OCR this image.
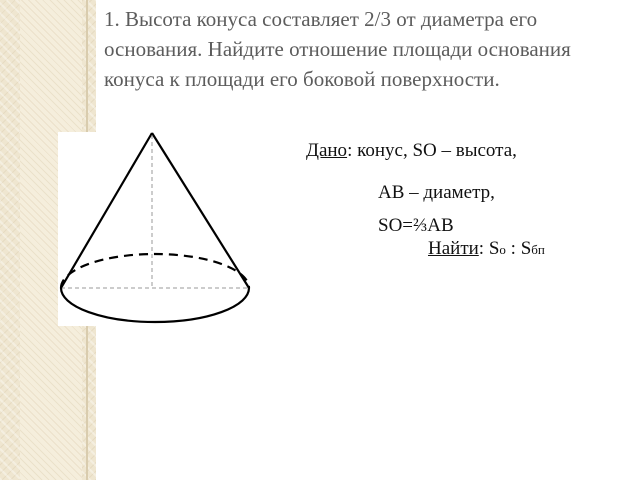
1. Высота конуса составляет 2/3 от диаметра его основания. Найдите отношение площади основания конуса к площади его боковой поверхности.

Дано: конус, SO – высота,
AB – диаметр,
SO=⅔AB
Найти: Sо : Sбп
